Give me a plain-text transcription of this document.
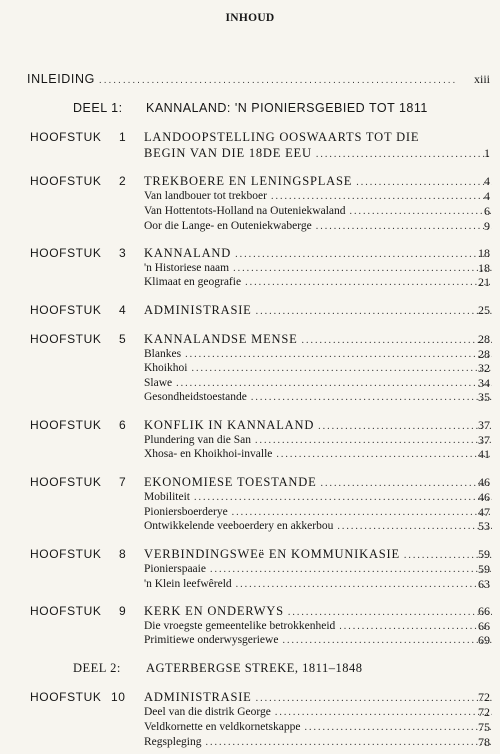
INHOUD
INLEIDING .....	xiii
DEEL 1: KANNALAND: 'N PIONIERSGEBIED TOT 1811
HOOFSTUK 1 LANDOOPSTELLING OOSWAARTS TOT DIE
BEGIN VAN DIE 18DE EEU .....	1
HOOFSTUK 2 TREKBOERE EN LENINGSPLASE .....	4
Van landbouer tot trekboer .....	4
Van Hottentots-Holland na Outeniekwaland .....	6
Oor die Lange- en Outeniekwaberge .....	9
HOOFSTUK 3 KANNALAND .....	18
'n Historiese naam .....	18
Klimaat en geografie .....	21
HOOFSTUK 4 ADMINISTRASIE .....	25
HOOFSTUK 5 KANNALANDSE MENSE .....	28
Blankes .....	28
Khoikhoi .....	32
Slawe .....	34
Gesondheidstoestande .....	35
HOOFSTUK 6 KONFLIK IN KANNALAND .....	37
Plundering van die San .....	37
Xhosa- en Khoikhoi-invalle .....	41
HOOFSTUK 7 EKONOMIESE TOESTANDE .....	46
Mobiliteit .....	46
Pioniersboerderye .....	47
Ontwikkelende veeboerdery en akkerbou .....	53
HOOFSTUK 8 VERBINDINGSWEë EN KOMMUNIKASIE .....	59
Pionierspaaie .....	59
'n Klein leefwêreld .....	63
HOOFSTUK 9 KERK EN ONDERWYS .....	66
Die vroegste gemeentelike betrokkenheid .....	66
Primitiewe onderwysgeriewe .....	69
DEEL 2: AGTERBERGSE STREKE, 1811–1848
HOOFSTUK 10 ADMINISTRASIE .....	72
Deel van die distrik George .....	72
Veldkornette en veldkornetskappe .....	75
Regspleging .....	78
